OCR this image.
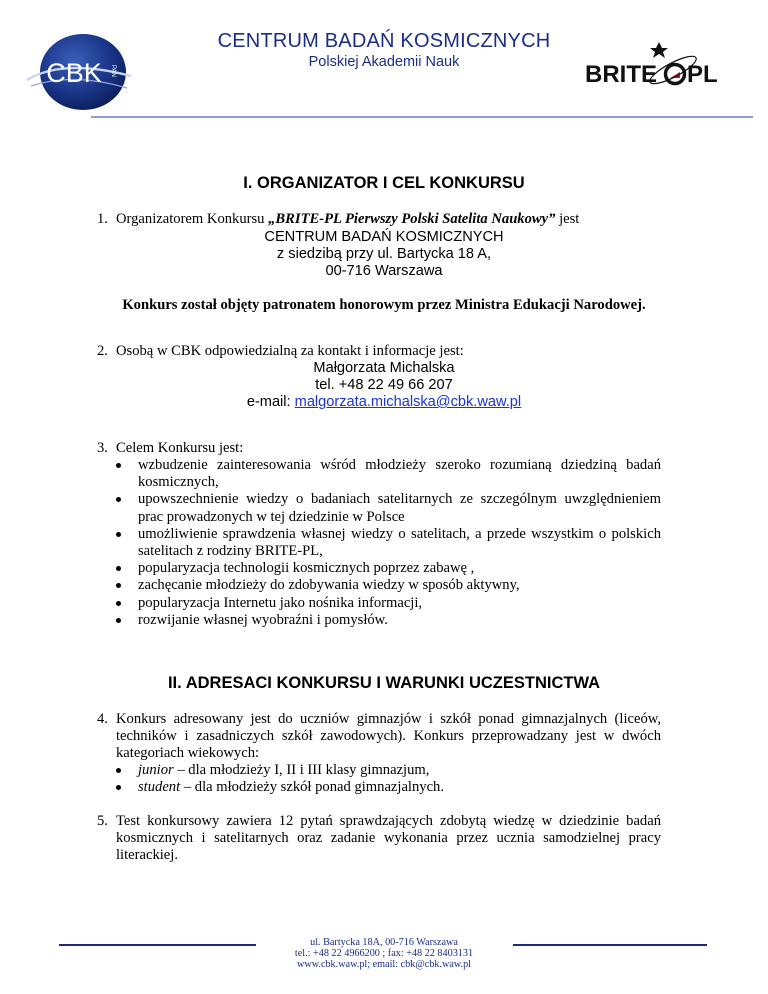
CBK PAN
CENTRUM BADAŃ KOSMICZNYCH
Polskiej Akademii Nauk	BRITE PL
I. ORGANIZATOR I CEL KONKURSU
1. Organizatorem Konkursu „BRITE-PL Pierwszy Polski Satelita Naukowy” jest
CENTRUM BADAŃ KOSMICZNYCH
z siedzibą przy ul. Bartycka 18 A,
00-716 Warszawa
Konkurs został objęty patronatem honorowym przez Ministra Edukacji Narodowej.
2. Osobą w CBK odpowiedzialną za kontakt i informacje jest:
Małgorzata Michalska
tel. +48 22 49 66 207
e-mail: malgorzata.michalska@cbk.waw.pl
3. Celem Konkursu jest:
wzbudzenie zainteresowania wśród młodzieży szeroko rozumianą dziedziną badań kosmicznych,
upowszechnienie wiedzy o badaniach satelitarnych ze szczególnym uwzględnieniem prac prowadzonych w tej dziedzinie w Polsce
umożliwienie sprawdzenia własnej wiedzy o satelitach, a przede wszystkim o polskich satelitach z rodziny BRITE-PL,
popularyzacja technologii kosmicznych poprzez zabawę ,
zachęcanie młodzieży do zdobywania wiedzy w sposób aktywny,
popularyzacja Internetu jako nośnika informacji,
rozwijanie własnej wyobraźni i pomysłów.
II. ADRESACI KONKURSU I WARUNKI UCZESTNICTWA
4. Konkurs adresowany jest do uczniów gimnazjów i szkół ponad gimnazjalnych (liceów, techników i zasadniczych szkół zawodowych). Konkurs przeprowadzany jest w dwóch kategoriach wiekowych:
junior – dla młodzieży I, II i III klasy gimnazjum,
student – dla młodzieży szkół ponad gimnazjalnych.
5. Test konkursowy zawiera 12 pytań sprawdzających zdobytą wiedzę w dziedzinie badań kosmicznych i satelitarnych oraz zadanie wykonania przez ucznia samodzielnej pracy literackiej.
ul. Bartycka 18A, 00-716 Warszawa
tel.: +48 22 4966200 ; fax: +48 22 8403131
www.cbk.waw.pl; email: cbk@cbk.waw.pl
